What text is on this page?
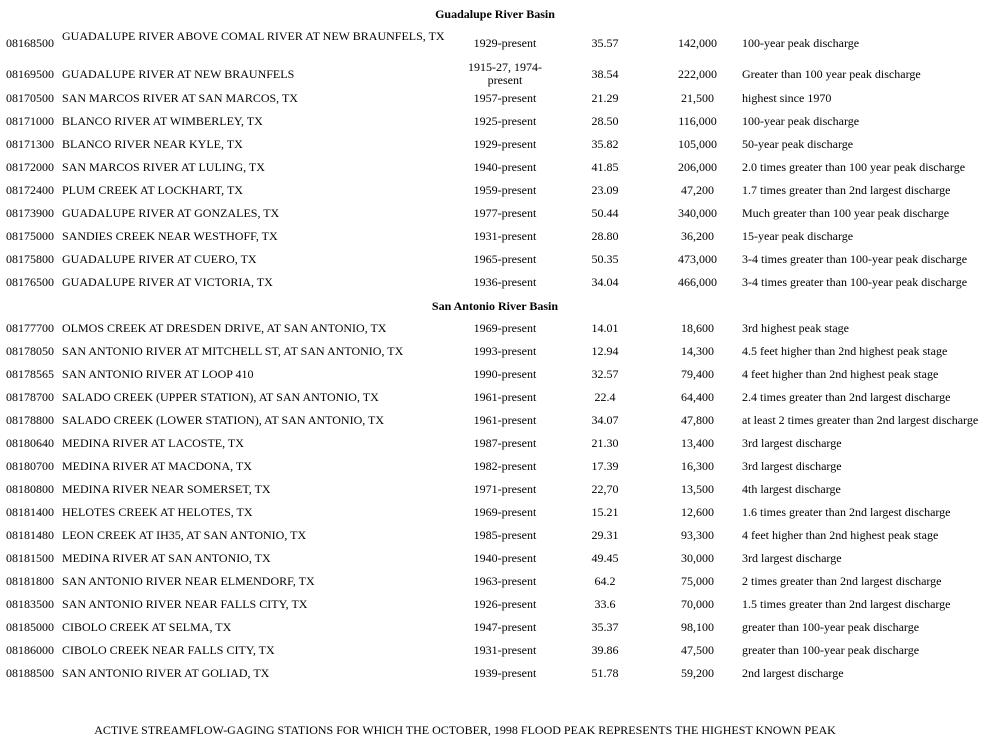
Guadalupe River Basin
08168500 GUADALUPE RIVER ABOVE COMAL RIVER AT NEW BRAUNFELS, TX	1929-present	35.57	142,000	100-year peak discharge
08169500 GUADALUPE RIVER AT NEW BRAUNFELS	1915-27, 1974-present	38.54	222,000	Greater than 100 year peak discharge
08170500 SAN MARCOS RIVER AT SAN MARCOS, TX	1957-present	21.29	21,500	highest since 1970
08171000 BLANCO RIVER AT WIMBERLEY, TX	1925-present	28.50	116,000	100-year peak discharge
08171300 BLANCO RIVER NEAR KYLE, TX	1929-present	35.82	105,000	50-year peak discharge
08172000 SAN MARCOS RIVER AT LULING, TX	1940-present	41.85	206,000	2.0 times greater than 100 year peak discharge
08172400 PLUM CREEK AT LOCKHART, TX	1959-present	23.09	47,200	1.7 times greater than 2nd largest discharge
08173900 GUADALUPE RIVER AT GONZALES, TX	1977-present	50.44	340,000	Much greater than 100 year peak discharge
08175000 SANDIES CREEK NEAR WESTHOFF, TX	1931-present	28.80	36,200	15-year peak discharge
08175800 GUADALUPE RIVER AT CUERO, TX	1965-present	50.35	473,000	3-4 times greater than 100-year peak discharge
08176500 GUADALUPE RIVER AT VICTORIA, TX	1936-present	34.04	466,000	3-4 times greater than 100-year peak discharge
San Antonio River Basin
08177700 OLMOS CREEK AT DRESDEN DRIVE, AT SAN ANTONIO, TX	1969-present	14.01	18,600	3rd highest peak stage
08178050 SAN ANTONIO RIVER AT MITCHELL ST, AT SAN ANTONIO, TX	1993-present	12.94	14,300	4.5 feet higher than 2nd highest peak stage
08178565 SAN ANTONIO RIVER AT LOOP 410	1990-present	32.57	79,400	4 feet higher than 2nd highest peak stage
08178700 SALADO CREEK (UPPER STATION), AT SAN ANTONIO, TX	1961-present	22.4	64,400	2.4 times greater than 2nd largest discharge
08178800 SALADO CREEK (LOWER STATION), AT SAN ANTONIO, TX	1961-present	34.07	47,800	at least 2 times greater than 2nd largest discharge
08180640 MEDINA RIVER AT LACOSTE, TX	1987-present	21.30	13,400	3rd largest discharge
08180700 MEDINA RIVER AT MACDONA, TX	1982-present	17.39	16,300	3rd largest discharge
08180800 MEDINA RIVER NEAR SOMERSET, TX	1971-present	22,70	13,500	4th largest discharge
08181400 HELOTES CREEK AT HELOTES, TX	1969-present	15.21	12,600	1.6 times greater than 2nd largest discharge
08181480 LEON CREEK AT IH35, AT SAN ANTONIO, TX	1985-present	29.31	93,300	4 feet higher than 2nd highest peak stage
08181500 MEDINA RIVER AT SAN ANTONIO, TX	1940-present	49.45	30,000	3rd largest discharge
08181800 SAN ANTONIO RIVER NEAR ELMENDORF, TX	1963-present	64.2	75,000	2 times greater than 2nd largest discharge
08183500 SAN ANTONIO RIVER NEAR FALLS CITY, TX	1926-present	33.6	70,000	1.5 times greater than 2nd largest discharge
08185000 CIBOLO CREEK AT SELMA, TX	1947-present	35.37	98,100	greater than 100-year peak discharge
08186000 CIBOLO CREEK NEAR FALLS CITY, TX	1931-present	39.86	47,500	greater than 100-year peak discharge
08188500 SAN ANTONIO RIVER AT GOLIAD, TX	1939-present	51.78	59,200	2nd largest discharge
ACTIVE STREAMFLOW-GAGING STATIONS FOR WHICH THE OCTOBER, 1998 FLOOD PEAK REPRESENTS THE HIGHEST KNOWN PEAK
